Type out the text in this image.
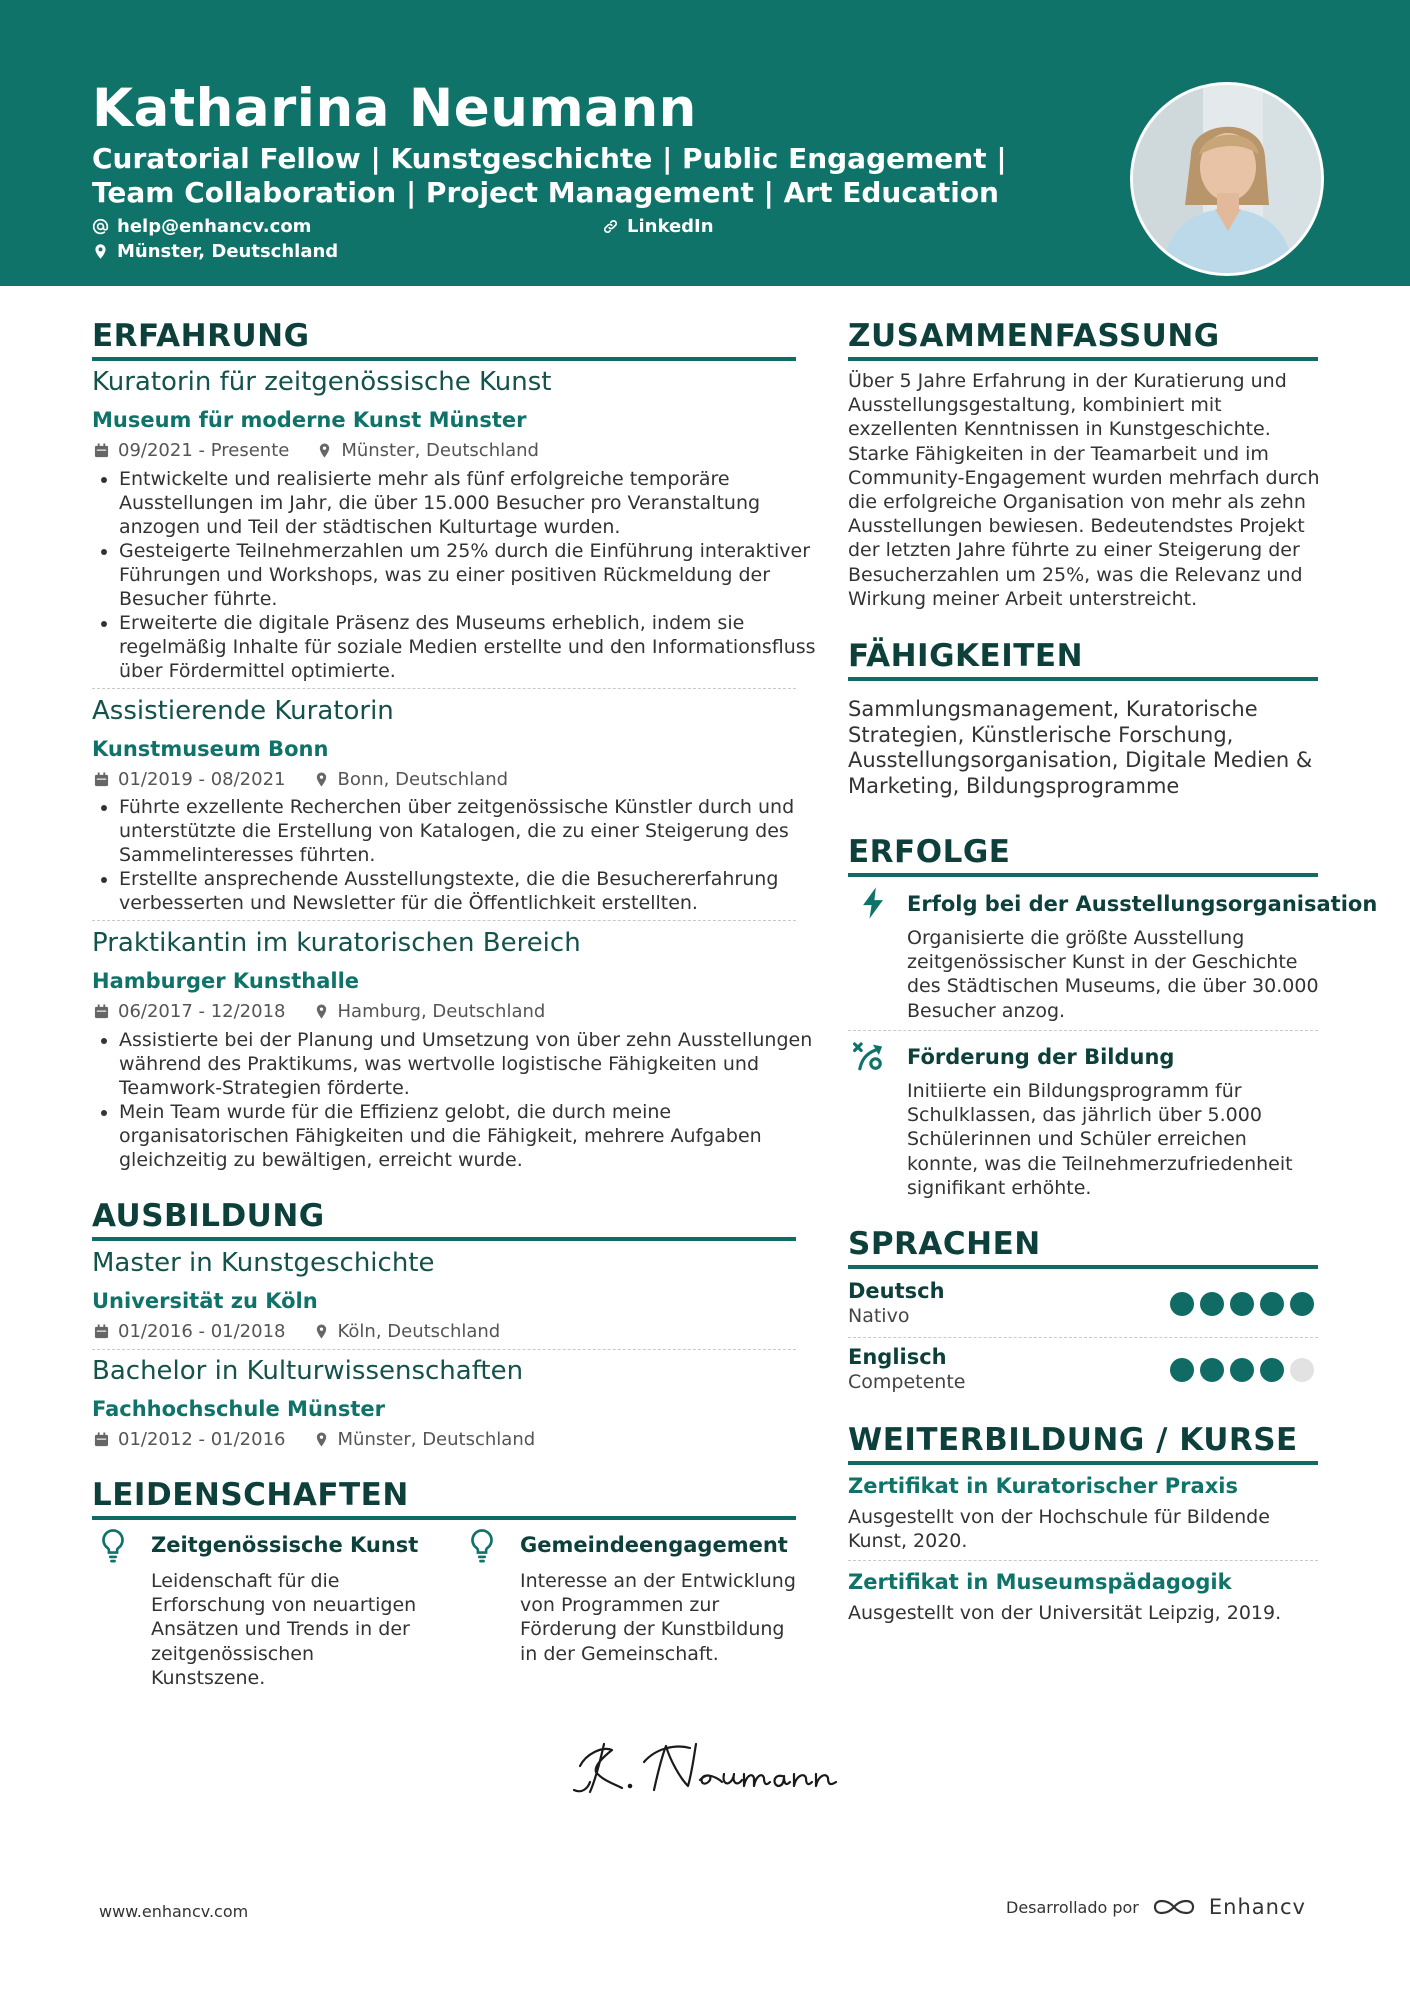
Katharina Neumann
Curatorial Fellow | Kunstgeschichte | Public Engagement | Team Collaboration | Project Management | Art Education
help@enhancv.com	LinkedIn
Münster, Deutschland
ERFAHRUNG
Kuratorin für zeitgenössische Kunst
Museum für moderne Kunst Münster
09/2021 - Presente	Münster, Deutschland
• Entwickelte und realisierte mehr als fünf erfolgreiche temporäre Ausstellungen im Jahr, die über 15.000 Besucher pro Veranstaltung anzogen und Teil der städtischen Kulturtage wurden.
• Gesteigerte Teilnehmerzahlen um 25% durch die Einführung interaktiver Führungen und Workshops, was zu einer positiven Rückmeldung der Besucher führte.
• Erweiterte die digitale Präsenz des Museums erheblich, indem sie regelmäßig Inhalte für soziale Medien erstellte und den Informationsfluss über Fördermittel optimierte.
Assistierende Kuratorin
Kunstmuseum Bonn
01/2019 - 08/2021	Bonn, Deutschland
• Führte exzellente Recherchen über zeitgenössische Künstler durch und unterstützte die Erstellung von Katalogen, die zu einer Steigerung des Sammelinteresses führten.
• Erstellte ansprechende Ausstellungstexte, die die Besuchererfahrung verbesserten und Newsletter für die Öffentlichkeit erstellten.
Praktikantin im kuratorischen Bereich
Hamburger Kunsthalle
06/2017 - 12/2018	Hamburg, Deutschland
• Assistierte bei der Planung und Umsetzung von über zehn Ausstellungen während des Praktikums, was wertvolle logistische Fähigkeiten und Teamwork-Strategien förderte.
• Mein Team wurde für die Effizienz gelobt, die durch meine organisatorischen Fähigkeiten und die Fähigkeit, mehrere Aufgaben gleichzeitig zu bewältigen, erreicht wurde.
AUSBILDUNG
Master in Kunstgeschichte
Universität zu Köln
01/2016 - 01/2018	Köln, Deutschland
Bachelor in Kulturwissenschaften
Fachhochschule Münster
01/2012 - 01/2016	Münster, Deutschland
LEIDENSCHAFTEN
Zeitgenössische Kunst
Leidenschaft für die Erforschung von neuartigen Ansätzen und Trends in der zeitgenössischen Kunstszene.
Gemeindeengagement
Interesse an der Entwicklung von Programmen zur Förderung der Kunstbildung in der Gemeinschaft.
ZUSAMMENFASSUNG
Über 5 Jahre Erfahrung in der Kuratierung und Ausstellungsgestaltung, kombiniert mit exzellenten Kenntnissen in Kunstgeschichte. Starke Fähigkeiten in der Teamarbeit und im Community-Engagement wurden mehrfach durch die erfolgreiche Organisation von mehr als zehn Ausstellungen bewiesen. Bedeutendstes Projekt der letzten Jahre führte zu einer Steigerung der Besucherzahlen um 25%, was die Relevanz und Wirkung meiner Arbeit unterstreicht.
FÄHIGKEITEN
Sammlungsmanagement, Kuratorische Strategien, Künstlerische Forschung, Ausstellungsorganisation, Digitale Medien & Marketing, Bildungsprogramme
ERFOLGE
Erfolg bei der Ausstellungsorganisation
Organisierte die größte Ausstellung zeitgenössischer Kunst in der Geschichte des Städtischen Museums, die über 30.000 Besucher anzog.
Förderung der Bildung
Initiierte ein Bildungsprogramm für Schulklassen, das jährlich über 5.000 Schülerinnen und Schüler erreichen konnte, was die Teilnehmerzufriedenheit signifikant erhöhte.
SPRACHEN
Deutsch
Nativo
Englisch
Competente
WEITERBILDUNG / KURSE
Zertifikat in Kuratorischer Praxis
Ausgestellt von der Hochschule für Bildende Kunst, 2020.
Zertifikat in Museumspädagogik
Ausgestellt von der Universität Leipzig, 2019.
www.enhancv.com	Desarrollado por	Enhancv
